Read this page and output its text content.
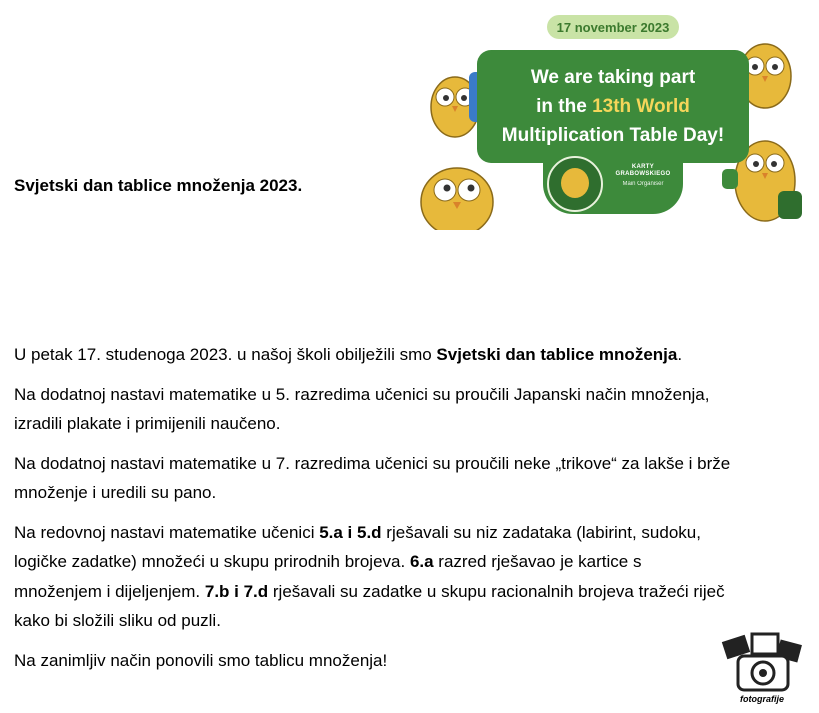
Svjetski dan tablice množenja 2023.
17 november 2023
We are taking part
in the 13th World
Multiplication Table Day!
KARTY GRABOWSKIEGO
Main Organiser

U petak 17. studenoga 2023. u našoj školi obilježili smo Svjetski dan tablice množenja.

Na dodatnoj nastavi matematike u 5. razredima učenici su proučili Japanski način množenja, izradili plakate i primijenili naučeno.

Na dodatnoj nastavi matematike u 7. razredima učenici su proučili neke „trikove“ za lakše i brže množenje i uredili su pano.

Na redovnoj nastavi matematike učenici 5.a i 5.d rješavali su niz zadataka (labirint, sudoku, logičke zadatke) množeći u skupu prirodnih brojeva. 6.a razred rješavao je kartice s množenjem i dijeljenjem. 7.b i 7.d rješavali su zadatke u skupu racionalnih brojeva tražeći riječ kako bi složili sliku od puzli.

Na zanimljiv način ponovili smo tablicu množenja!

fotografije
